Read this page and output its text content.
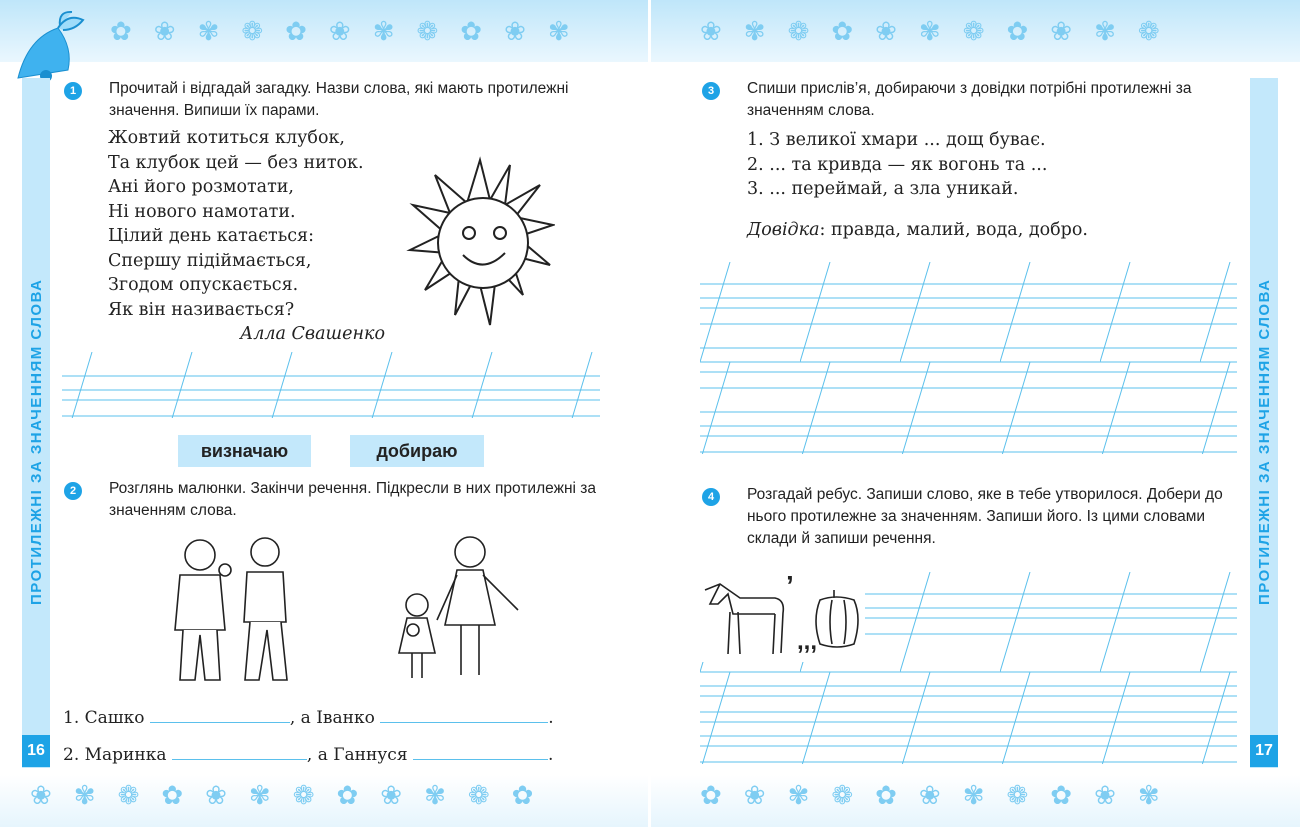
✿❀✾❁✿❀✾❁✿❀✾	❀✾❁✿❀✾❁✿❀✾❁
❀✾❁✿❀✾❁✿❀✾❁✿	✿❀✾❁✿❀✾❁✿❀✾
ПРОТИЛЕЖНІ ЗА ЗНАЧЕННЯМ СЛОВА
16
1	Прочитай і відгадай загадку. Назви слова, які мають протилежні значення. Випиши їх парами.
Жовтий котиться клубок,
Та клубок цей — без ниток.
Ані його розмотати,
Ні нового намотати.
Цілий день катається:
Спершу підіймається,
Згодом опускається.
Як він називається?
Алла Свашенко
визначаю	добираю
2	Розглянь малюнки. Закінчи речення. Підкресли в них протилежні за значенням слова.
1. Сашко	, а Іванко	.
2. Маринка	, а Ганнуся	.
ПРОТИЛЕЖНІ ЗА ЗНАЧЕННЯМ СЛОВА
17
3	Спиши прислів’я, добираючи з довідки потрібні протилежні за значенням слова.
1. З великої хмари ... дощ буває.
2. ... та кривда — як вогонь та ...
3. ... переймай, а зла уникай.
Довідка: правда, малий, вода, добро.
4	Розгадай ребус. Запиши слово, яке в тебе утворилося. Добери до нього протилежне за значенням. Запиши його. Із цими словами склади й запиши речення.
’
,,,
